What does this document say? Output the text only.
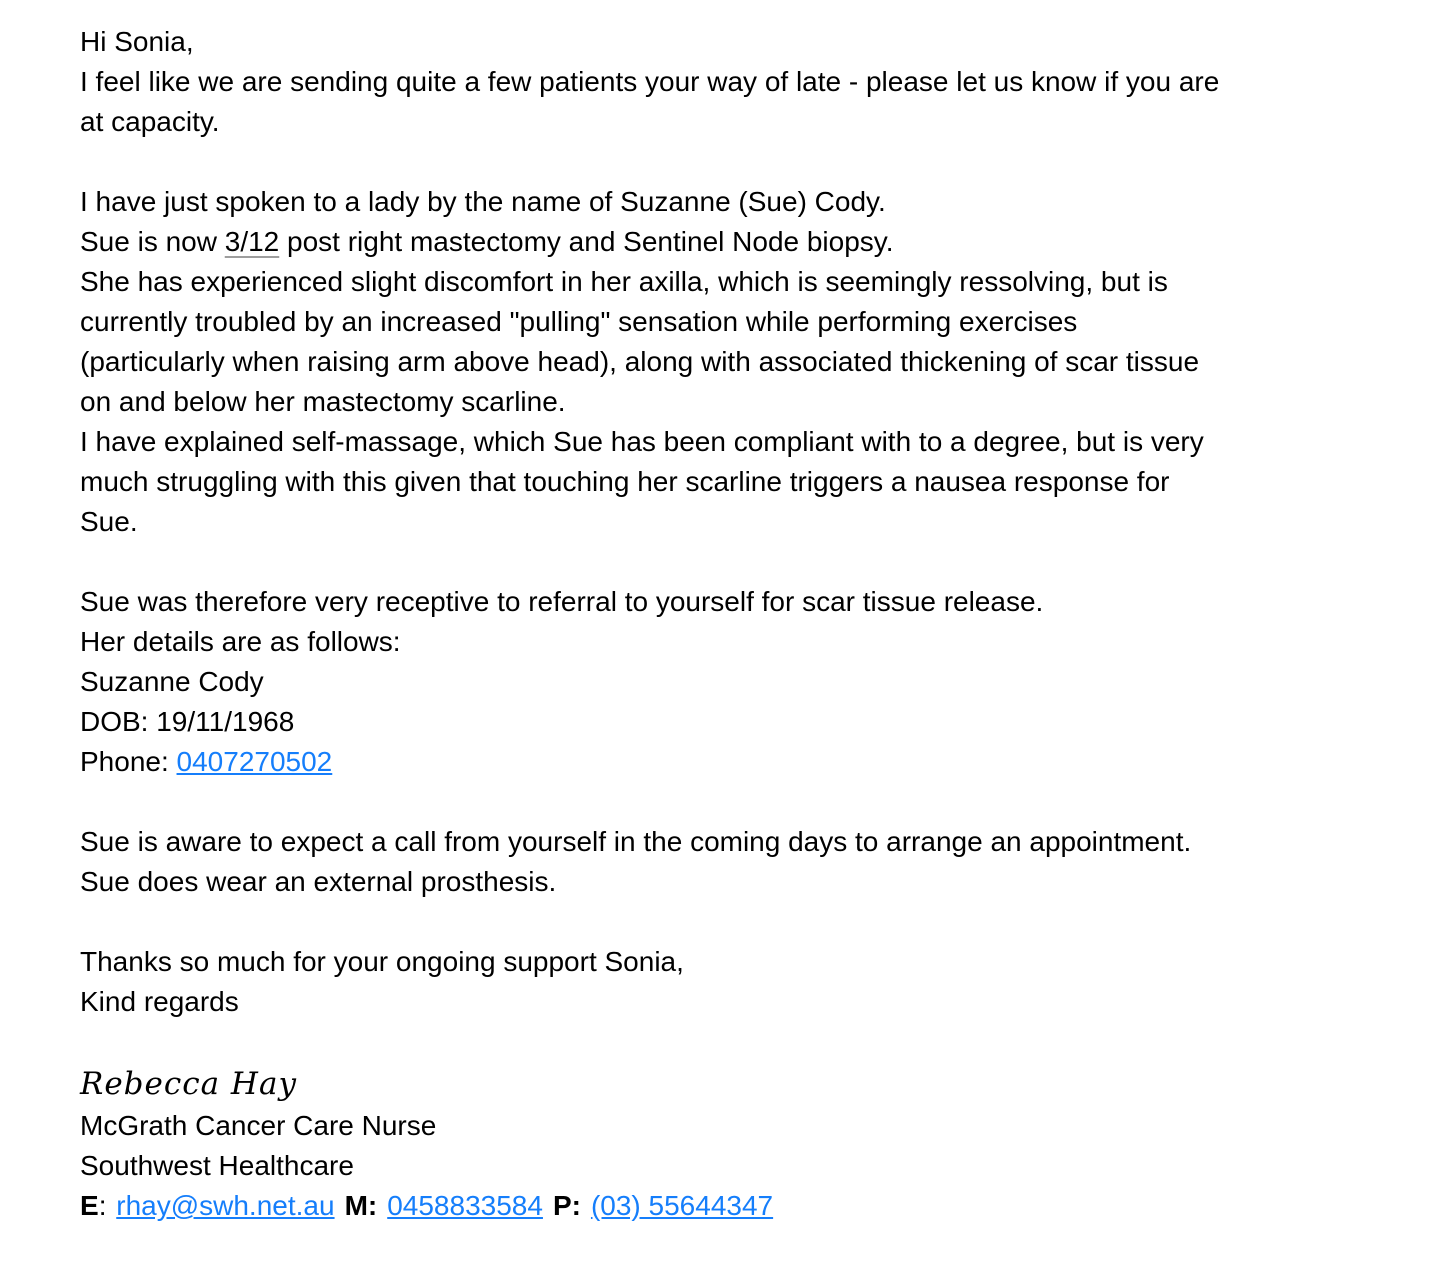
Hi Sonia,
I feel like we are sending quite a few patients your way of late - please let us know if you are
at capacity.
I have just spoken to a lady by the name of Suzanne (Sue) Cody.
Sue is now 3/12 post right mastectomy and Sentinel Node biopsy.
She has experienced slight discomfort in her axilla, which is seemingly ressolving, but is
currently troubled by an increased "pulling" sensation while performing exercises
(particularly when raising arm above head), along with associated thickening of scar tissue
on and below her mastectomy scarline.
I have explained self-massage, which Sue has been compliant with to a degree, but is very
much struggling with this given that touching her scarline triggers a nausea response for
Sue.
Sue was therefore very receptive to referral to yourself for scar tissue release.
Her details are as follows:
Suzanne Cody
DOB: 19/11/1968
Phone: 0407270502
Sue is aware to expect a call from yourself in the coming days to arrange an appointment.
Sue does wear an external prosthesis.
Thanks so much for your ongoing support Sonia,
Kind regards
Rebecca Hay
McGrath Cancer Care Nurse
Southwest Healthcare
E: rhay@swh.net.au M: 0458833584 P: (03) 55644347
